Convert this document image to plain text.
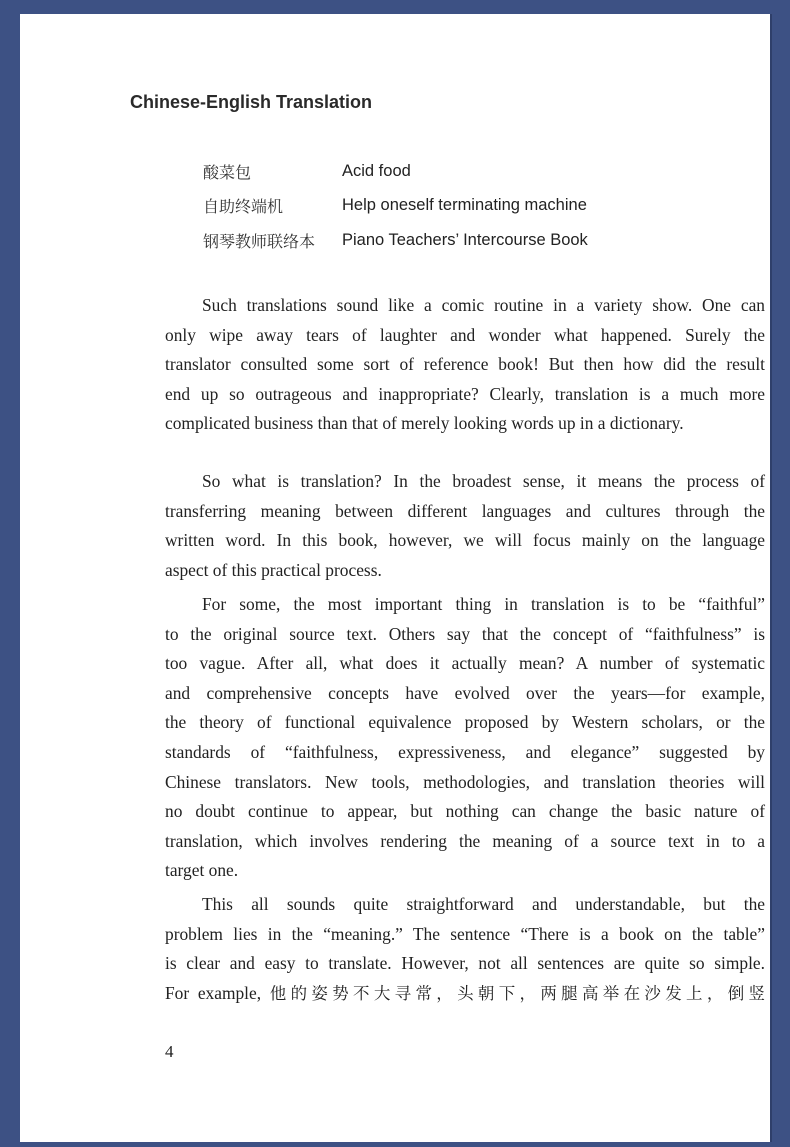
Chinese-English Translation
酸菜包	Acid food
自助终端机	Help oneself terminating machine
钢琴教师联络本	Piano Teachers’ Intercourse Book
Such translations sound like a comic routine in a variety show. One can
only wipe away tears of laughter and wonder what happened. Surely the
translator consulted some sort of reference book! But then how did the result
end up so outrageous and inappropriate? Clearly, translation is a much more
complicated business than that of merely looking words up in a dictionary.
So what is translation? In the broadest sense, it means the process of
transferring meaning between different languages and cultures through the
written word. In this book, however, we will focus mainly on the language
aspect of this practical process.
For some, the most important thing in translation is to be “faithful”
to the original source text. Others say that the concept of “faithfulness” is
too vague. After all, what does it actually mean? A number of systematic
and comprehensive concepts have evolved over the years—for example,
the theory of functional equivalence proposed by Western scholars, or the
standards of “faithfulness, expressiveness, and elegance” suggested by
Chinese translators. New tools, methodologies, and translation theories will
no doubt continue to appear, but nothing can change the basic nature of
translation, which involves rendering the meaning of a source text in to a
target one.
This all sounds quite straightforward and understandable, but the
problem lies in the “meaning.” The sentence “There is a book on the table”
is clear and easy to translate. However, not all sentences are quite so simple.
For example, 他的姿势不大寻常，头朝下，两腿高举在沙发上，倒竖

4
